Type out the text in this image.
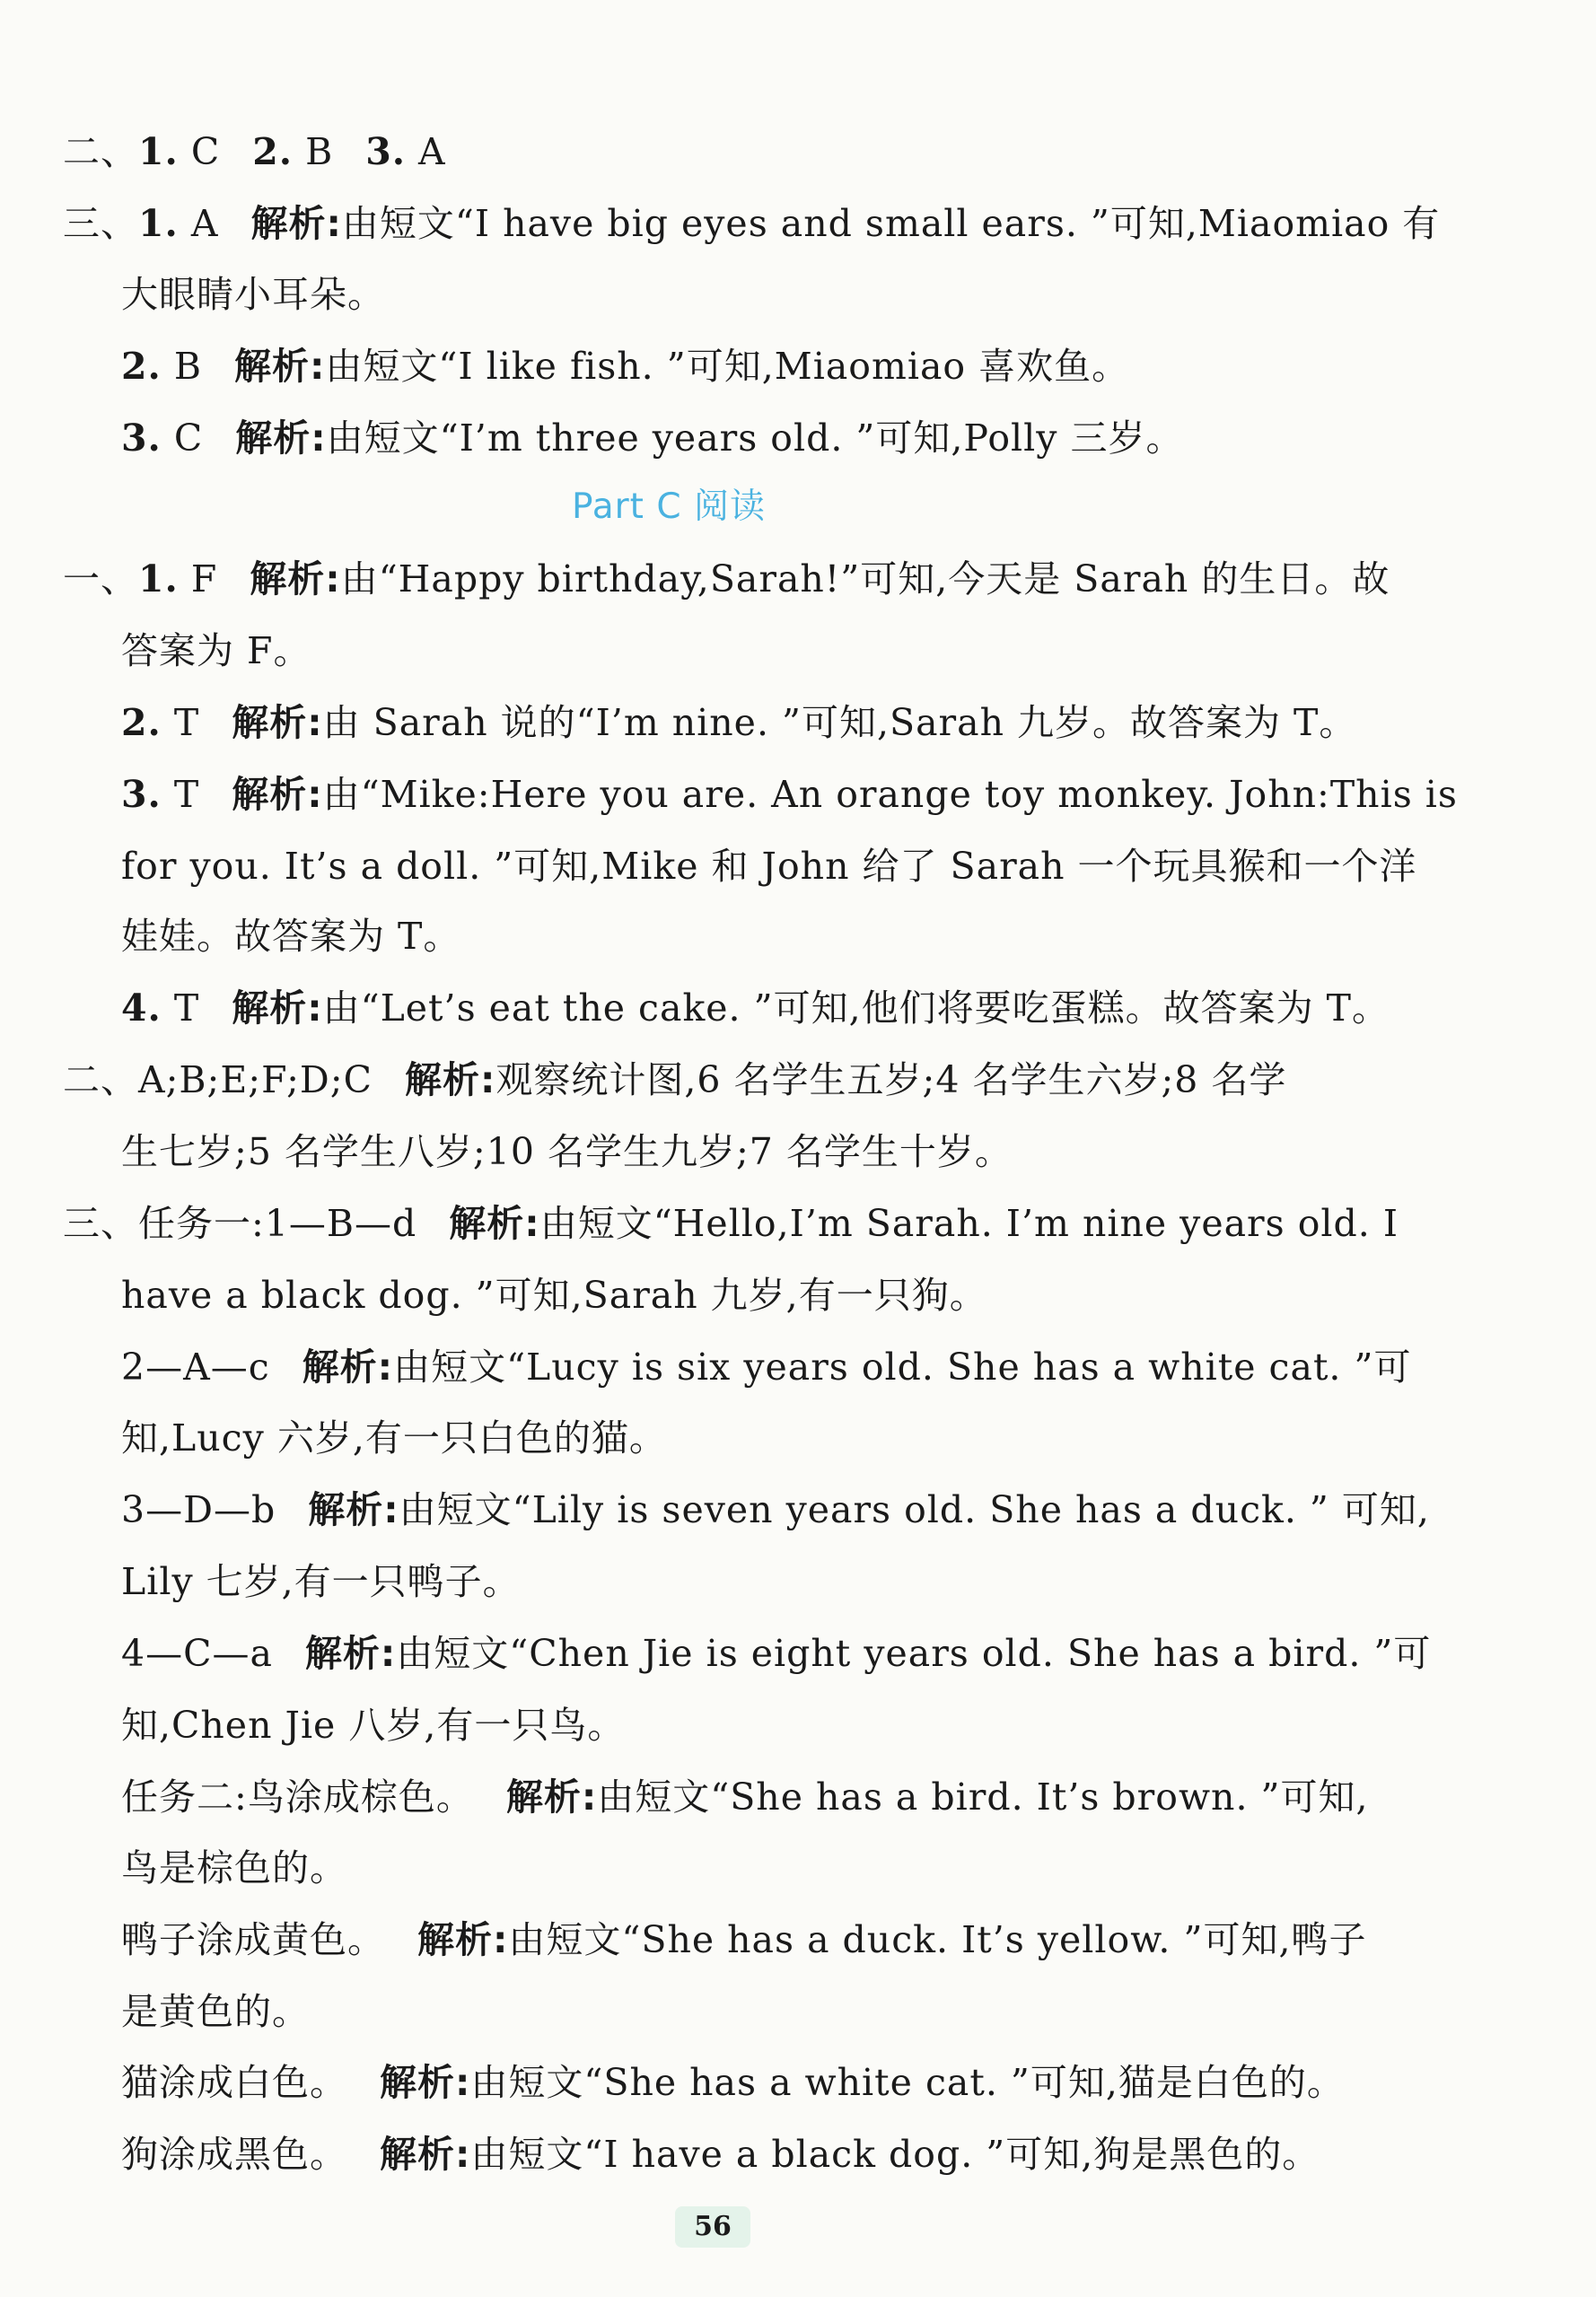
二、1. C 2. B 3. A
三、1. A 解析:由短文“I have big eyes and small ears. ”可知,Miaomiao 有
大眼睛小耳朵。
2. B 解析:由短文“I like fish. ”可知,Miaomiao 喜欢鱼。
3. C 解析:由短文“I’m three years old. ”可知,Polly 三岁。
Part C 阅读
一、1. F 解析:由“Happy birthday,Sarah!”可知,今天是 Sarah 的生日。故
答案为 F。
2. T 解析:由 Sarah 说的“I’m nine. ”可知,Sarah 九岁。故答案为 T。
3. T 解析:由“Mike:Here you are. An orange toy monkey. John:This is
for you. It’s a doll. ”可知,Mike 和 John 给了 Sarah 一个玩具猴和一个洋
娃娃。故答案为 T。
4. T 解析:由“Let’s eat the cake. ”可知,他们将要吃蛋糕。故答案为 T。
二、A;B;E;F;D;C 解析:观察统计图,6 名学生五岁;4 名学生六岁;8 名学
生七岁;5 名学生八岁;10 名学生九岁;7 名学生十岁。
三、任务一:1—B—d 解析:由短文“Hello,I’m Sarah. I’m nine years old. I
have a black dog. ”可知,Sarah 九岁,有一只狗。
2—A—c 解析:由短文“Lucy is six years old. She has a white cat. ”可
知,Lucy 六岁,有一只白色的猫。
3—D—b 解析:由短文“Lily is seven years old. She has a duck. ” 可知,
Lily 七岁,有一只鸭子。
4—C—a 解析:由短文“Chen Jie is eight years old. She has a bird. ”可
知,Chen Jie 八岁,有一只鸟。
任务二:鸟涂成棕色。 解析:由短文“She has a bird. It’s brown. ”可知,
鸟是棕色的。
鸭子涂成黄色。 解析:由短文“She has a duck. It’s yellow. ”可知,鸭子
是黄色的。
猫涂成白色。 解析:由短文“She has a white cat. ”可知,猫是白色的。
狗涂成黑色。 解析:由短文“I have a black dog. ”可知,狗是黑色的。
56
